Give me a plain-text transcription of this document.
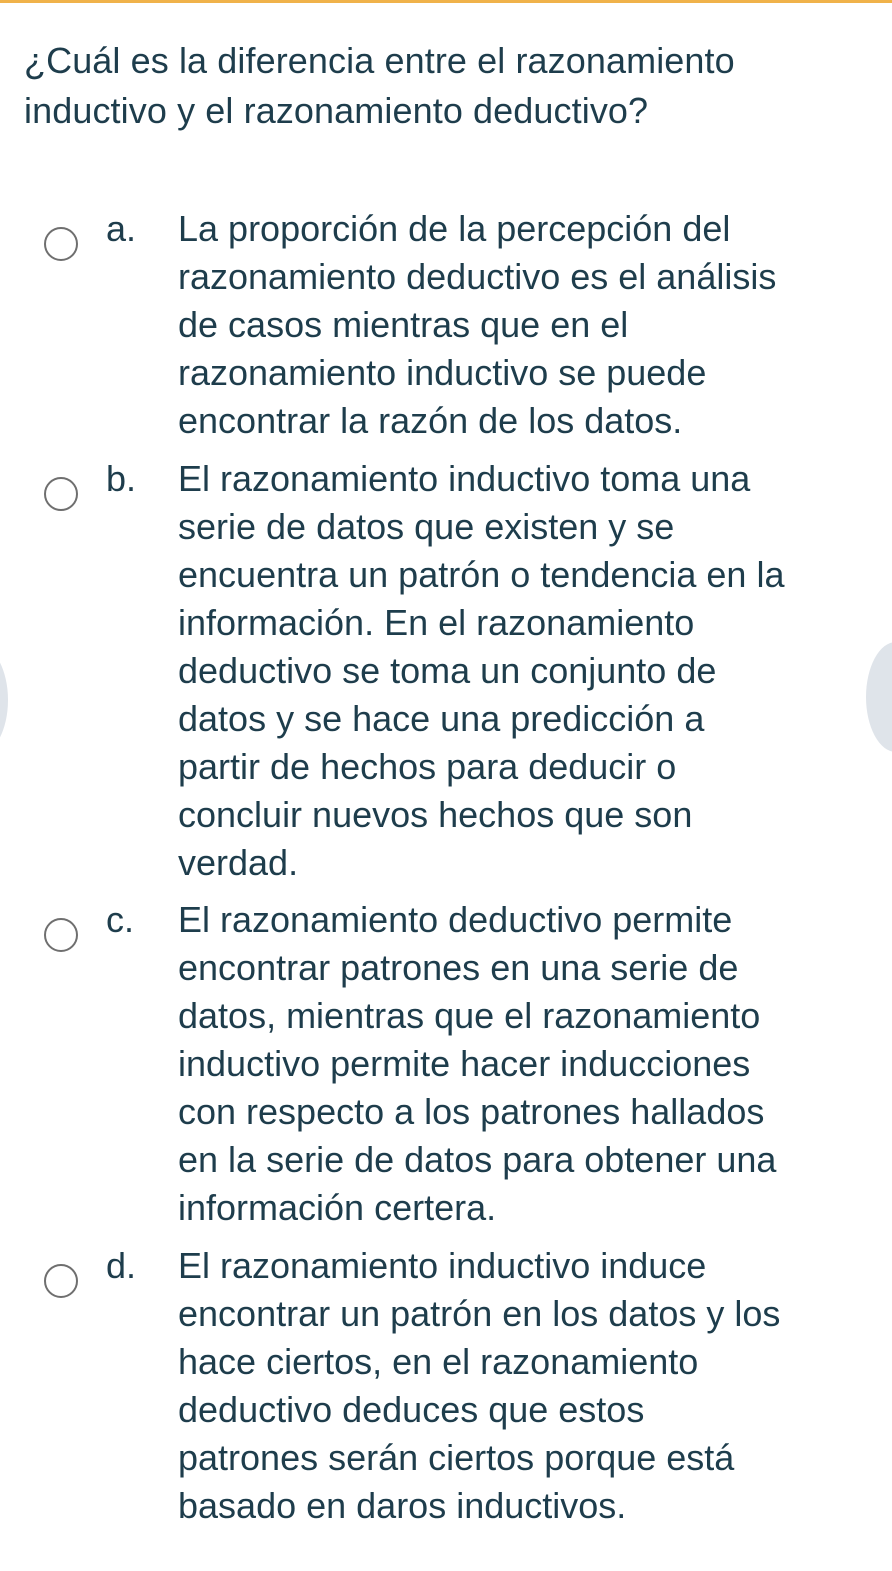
¿Cuál es la diferencia entre el razonamiento
inductivo y el razonamiento deductivo?
a. La proporción de la percepción del
razonamiento deductivo es el análisis
de casos mientras que en el
razonamiento inductivo se puede
encontrar la razón de los datos.
b. El razonamiento inductivo toma una
serie de datos que existen y se
encuentra un patrón o tendencia en la
información. En el razonamiento
deductivo se toma un conjunto de
datos y se hace una predicción a
partir de hechos para deducir o
concluir nuevos hechos que son
verdad.
c. El razonamiento deductivo permite
encontrar patrones en una serie de
datos, mientras que el razonamiento
inductivo permite hacer inducciones
con respecto a los patrones hallados
en la serie de datos para obtener una
información certera.
d. El razonamiento inductivo induce
encontrar un patrón en los datos y los
hace ciertos, en el razonamiento
deductivo deduces que estos
patrones serán ciertos porque está
basado en daros inductivos.
